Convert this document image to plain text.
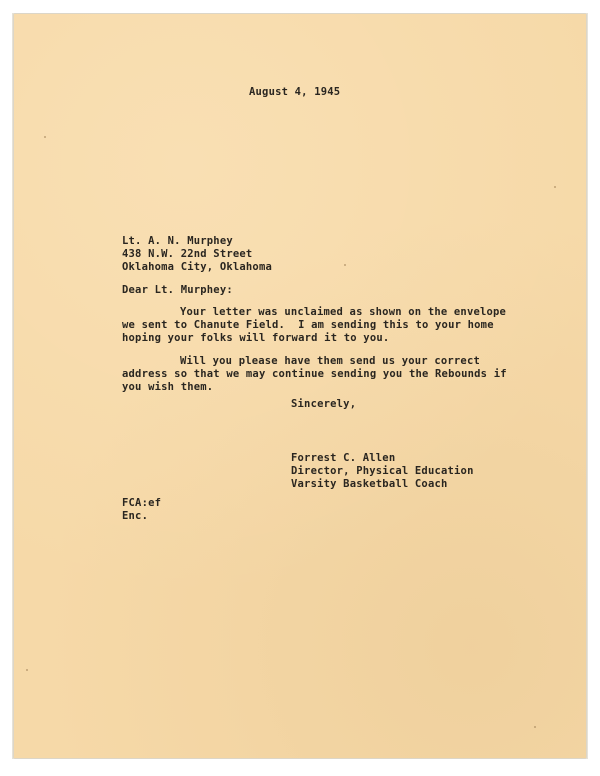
August 4, 1945
Lt. A. N. Murphey
438 N.W. 22nd Street
Oklahoma City, Oklahoma
Dear Lt. Murphey:
Your letter was unclaimed as shown on the envelope
we sent to Chanute Field.  I am sending this to your home
hoping your folks will forward it to you.
Will you please have them send us your correct
address so that we may continue sending you the Rebounds if
you wish them.
Sincerely,
Forrest C. Allen
Director, Physical Education
Varsity Basketball Coach
FCA:ef
Enc.
